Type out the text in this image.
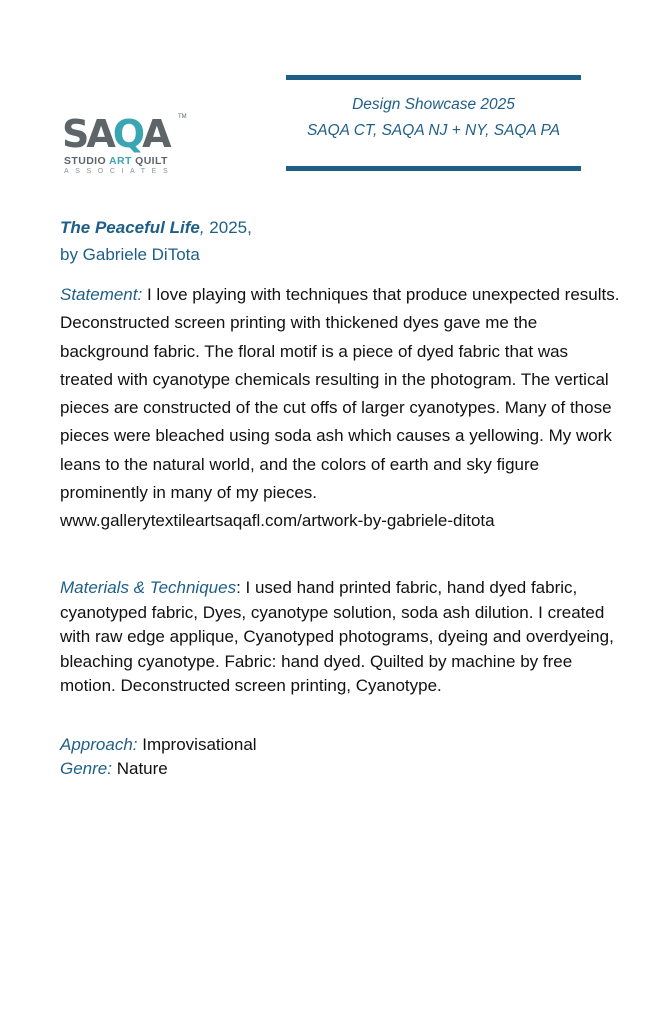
SAQA TM
STUDIO ART QUILT
ASSOCIATES
Design Showcase 2025
SAQA CT, SAQA NJ + NY, SAQA PA
The Peaceful Life, 2025,
by Gabriele DiTota
Statement: I love playing with techniques that produce unexpected results. Deconstructed screen printing with thickened dyes gave me the background fabric. The floral motif is a piece of dyed fabric that was treated with cyanotype chemicals resulting in the photogram. The vertical pieces are constructed of the cut offs of larger cyanotypes. Many of those pieces were bleached using soda ash which causes a yellowing. My work leans to the natural world, and the colors of earth and sky figure prominently in many of my pieces. www.gallerytextileartsaqafl.com/artwork-by-gabriele-ditota
Materials & Techniques: I used hand printed fabric, hand dyed fabric, cyanotyped fabric, Dyes, cyanotype solution, soda ash dilution. I created with raw edge applique, Cyanotyped photograms, dyeing and overdyeing, bleaching cyanotype. Fabric: hand dyed. Quilted by machine by free motion. Deconstructed screen printing, Cyanotype.
Approach: Improvisational
Genre: Nature
